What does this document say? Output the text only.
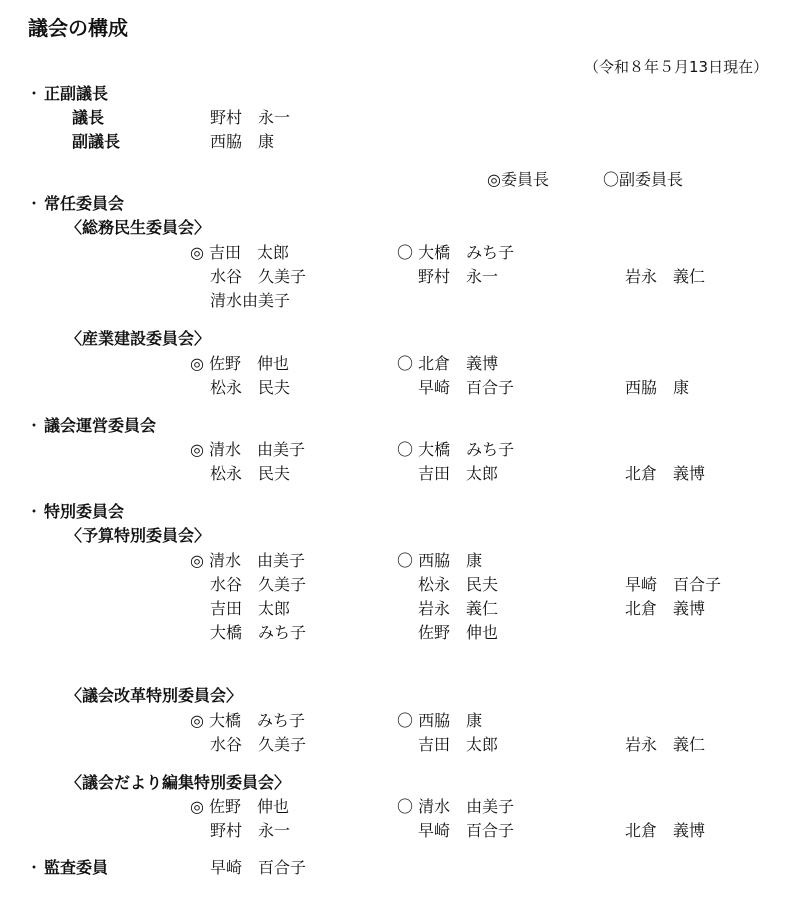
議会の構成
（令和８年５月13日現在）
・ 正副議長
議長	野村　永一
副議長	西脇　康
◎委員長	〇副委員長
・ 常任委員会
〈総務民生委員会〉
◎ 吉田　太郎	〇 大橋　みち子
水谷　久美子	野村　永一	岩永　義仁
清水由美子
〈産業建設委員会〉
◎ 佐野　伸也	〇 北倉　義博
松永　民夫	早崎　百合子	西脇　康
・ 議会運営委員会
◎ 清水　由美子	〇 大橋　みち子
松永　民夫	吉田　太郎	北倉　義博
・ 特別委員会
〈予算特別委員会〉
◎ 清水　由美子	〇 西脇　康
水谷　久美子	松永　民夫	早崎　百合子
吉田　太郎	岩永　義仁	北倉　義博
大橋　みち子	佐野　伸也
〈議会改革特別委員会〉
◎ 大橋　みち子	〇 西脇　康
水谷　久美子	吉田　太郎	岩永　義仁
〈議会だより編集特別委員会〉
◎ 佐野　伸也	〇 清水　由美子
野村　永一	早崎　百合子	北倉　義博
・ 監査委員	早崎　百合子
